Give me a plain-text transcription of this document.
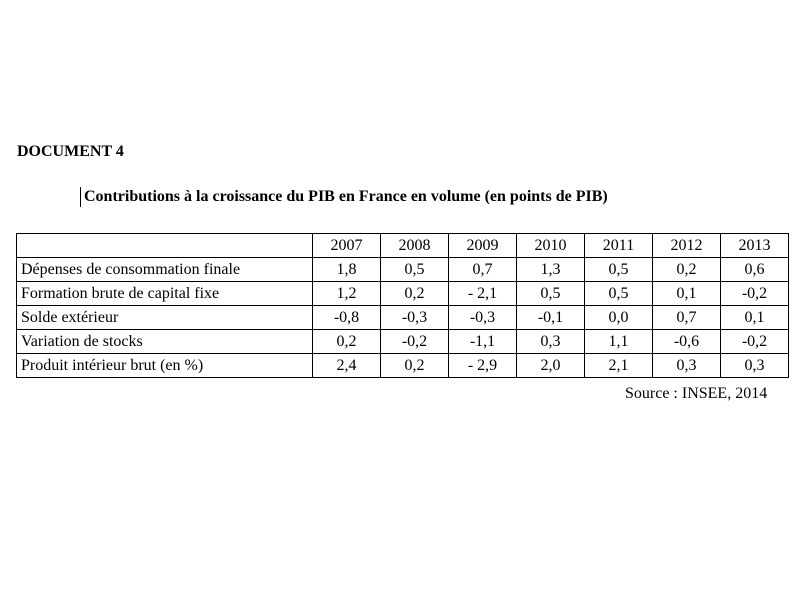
DOCUMENT 4
Contributions à la croissance du PIB en France en volume (en points de PIB)
	2007	2008	2009	2010	2011	2012	2013
Dépenses de consommation finale	1,8	0,5	0,7	1,3	0,5	0,2	0,6
Formation brute de capital fixe	1,2	0,2	- 2,1	0,5	0,5	0,1	-0,2
Solde extérieur	-0,8	-0,3	-0,3	-0,1	0,0	0,7	0,1
Variation de stocks	0,2	-0,2	-1,1	0,3	1,1	-0,6	-0,2
Produit intérieur brut (en %)	2,4	0,2	- 2,9	2,0	2,1	0,3	0,3

Source : INSEE, 2014
